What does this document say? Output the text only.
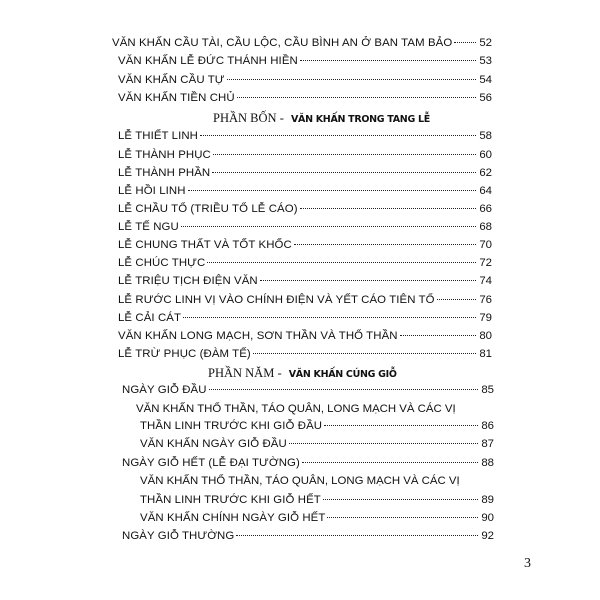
VĂN KHẤN CẦU TÀI, CẦU LỘC, CẦU BÌNH AN Ở BAN TAM BẢO 52
VĂN KHẤN LỄ ĐỨC THÁNH HIỀN	53
VĂN KHẤN CẦU TỰ	54
VĂN KHẤN TIỀN CHỦ	56
PHẦN BỐN - VĂN KHẤN TRONG TANG LỄ
LỄ THIẾT LINH	58
LỄ THÀNH PHỤC	60
LỄ THÀNH PHẦN	62
LỄ HỒI LINH	64
LỄ CHẦU TỔ (TRIỀU TỔ LỄ CÁO)	66
LỄ TẾ NGU	68
LỄ CHUNG THẤT VÀ TỐT KHỐC	70
LỄ CHÚC THỰC	72
LỄ TRIỆU TỊCH ĐIỆN VĂN	74
LỄ RƯỚC LINH VỊ VÀO CHÍNH ĐIỆN VÀ YẾT CÁO TIÊN TỔ	76
LỄ CẢI CÁT	79
VĂN KHẤN LONG MẠCH, SƠN THẦN VÀ THỔ THẦN	80
LỄ TRỪ PHỤC (ĐÀM TẾ)	81
PHẦN NĂM - VĂN KHẤN CÚNG GIỖ
NGÀY GIỖ ĐẦU	85
VĂN KHẤN THỔ THẦN, TÁO QUÂN, LONG MẠCH VÀ CÁC VỊ
THẦN LINH TRƯỚC KHI GIỖ ĐẦU	86
VĂN KHẤN NGÀY GIỖ ĐẦU	87
NGÀY GIỖ HẾT (LỄ ĐẠI TƯỜNG)	88
VĂN KHẤN THỔ THẦN, TÁO QUÂN, LONG MẠCH VÀ CÁC VỊ
THẦN LINH TRƯỚC KHI GIỖ HẾT	89
VĂN KHẤN CHÍNH NGÀY GIỖ HẾT	90
NGÀY GIỖ THƯỜNG	92
3
